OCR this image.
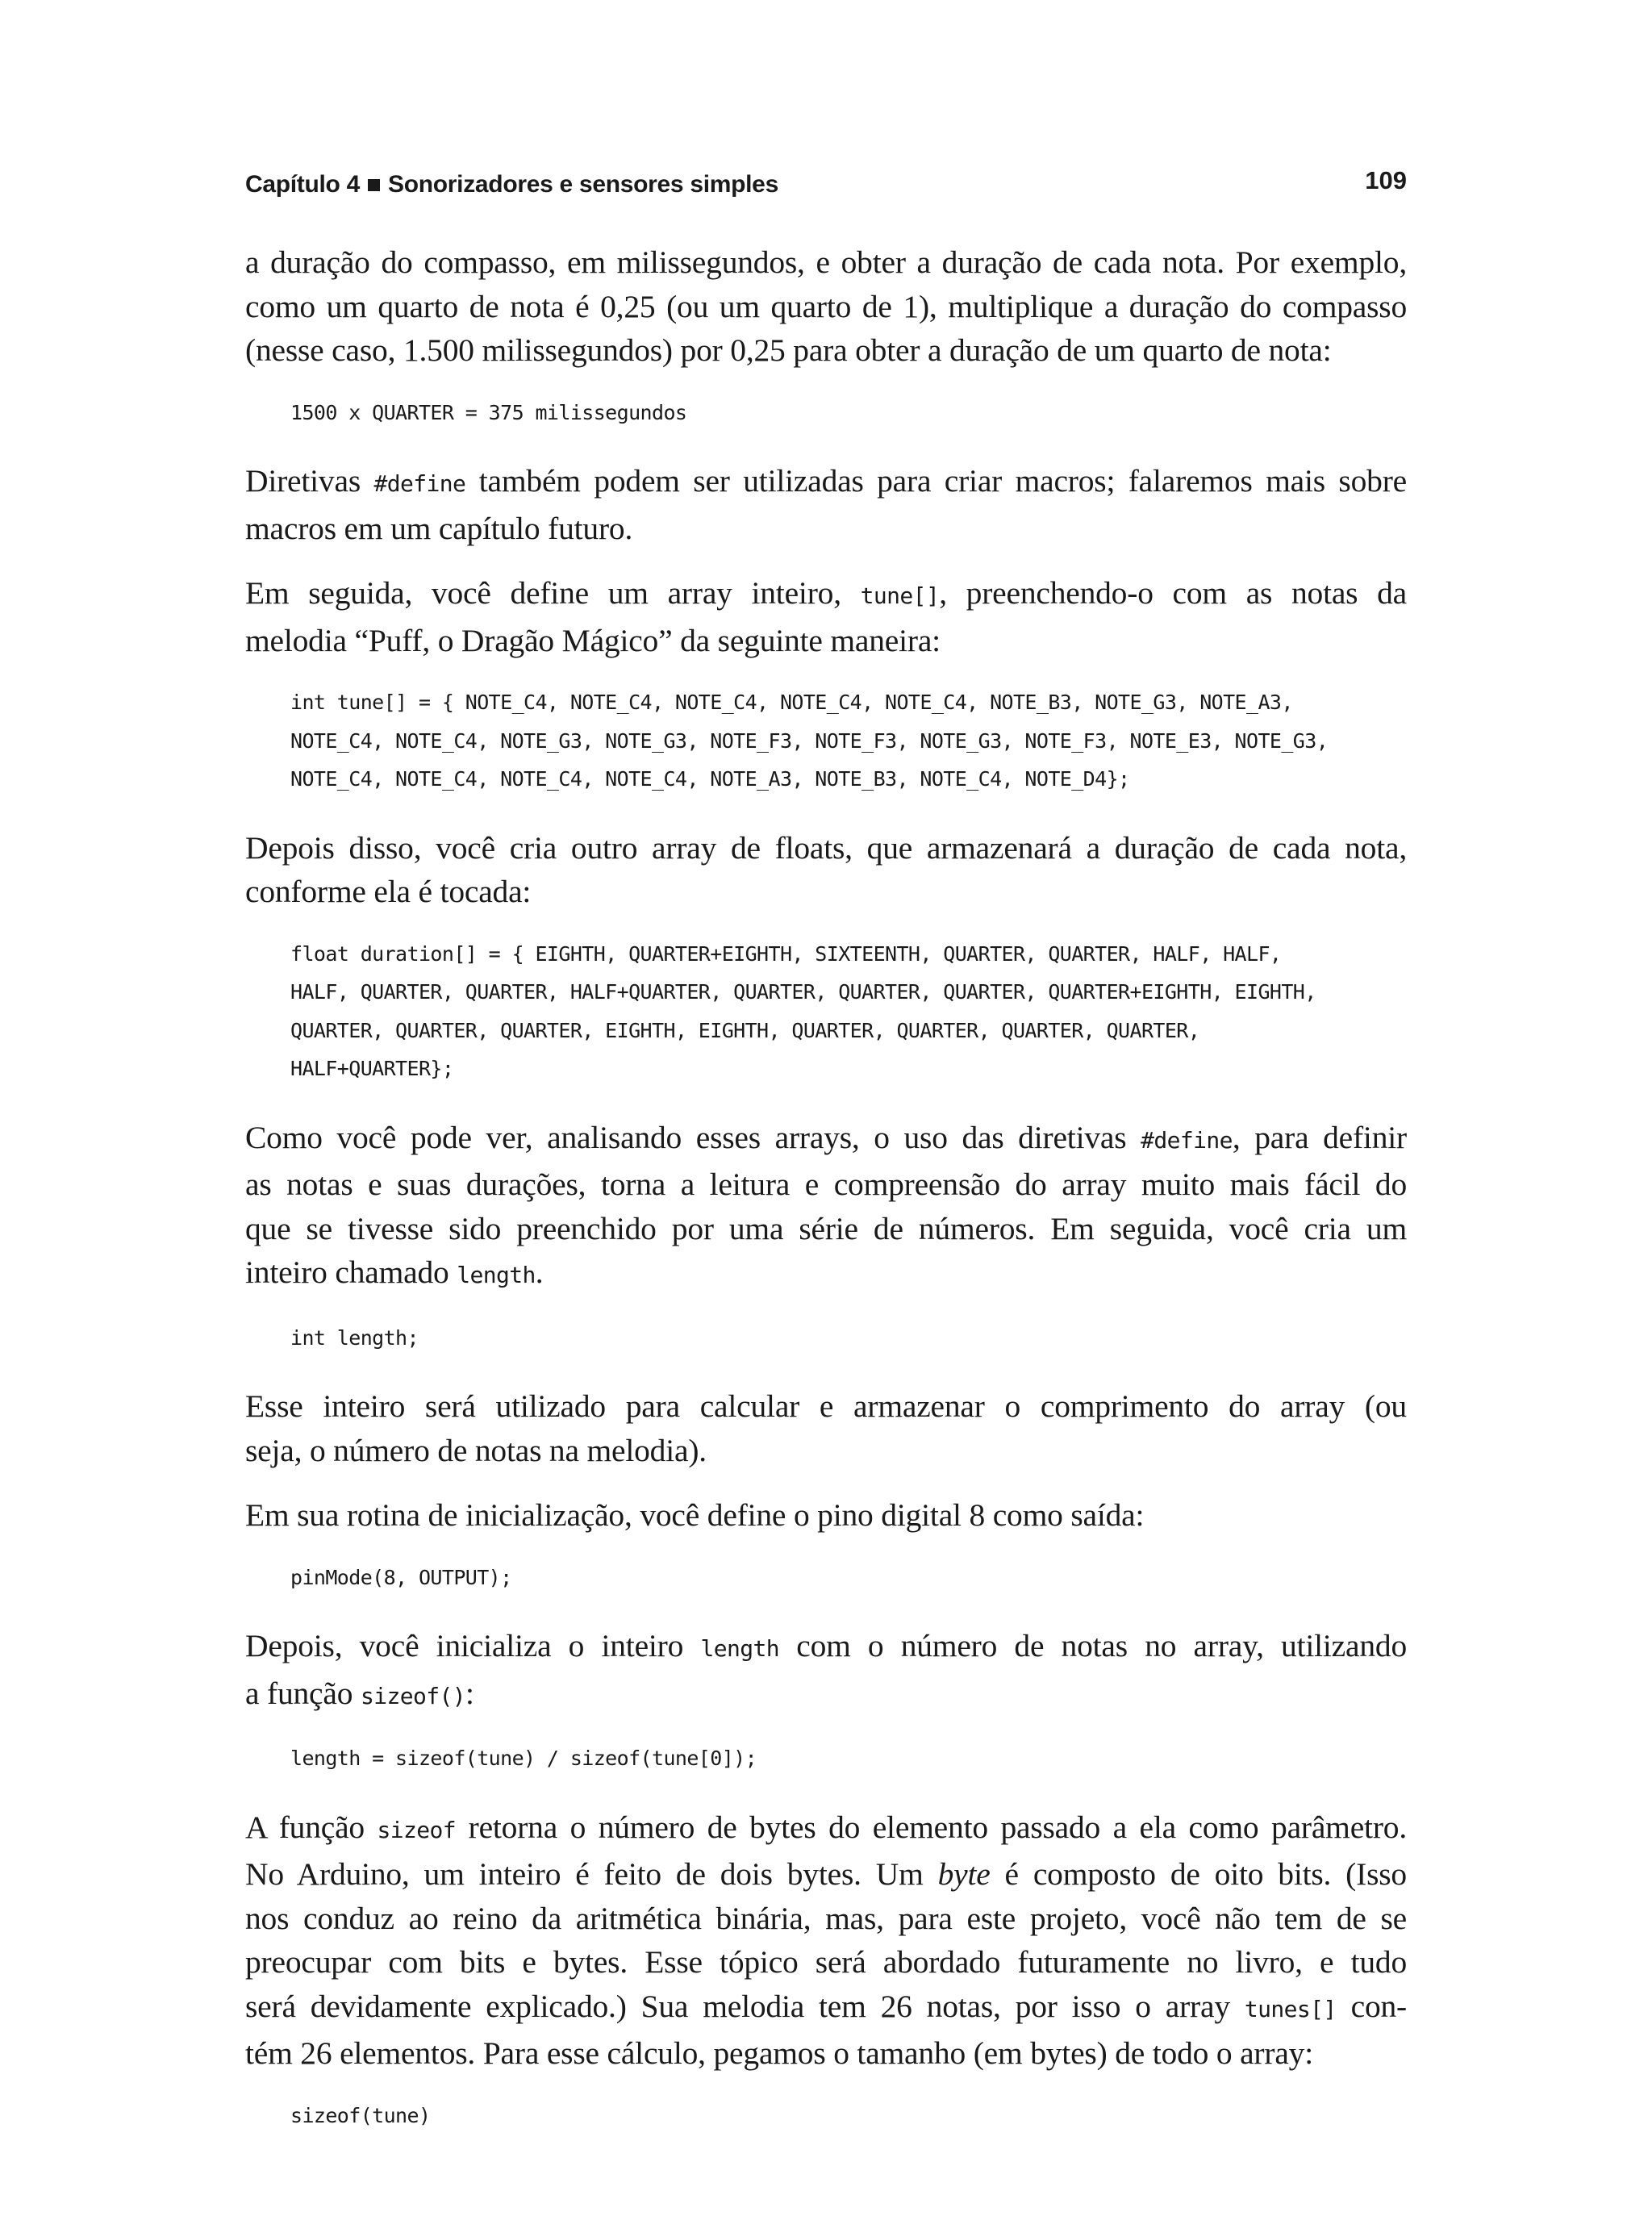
Capítulo 4 Sonorizadores e sensores simples	109

a duração do compasso, em milissegundos, e obter a duração de cada nota. Por exemplo,
como um quarto de nota é 0,25 (ou um quarto de 1), multiplique a duração do compasso
(nesse caso, 1.500 milissegundos) por 0,25 para obter a duração de um quarto de nota:

1500 x QUARTER = 375 milissegundos

Diretivas #define também podem ser utilizadas para criar macros; falaremos mais sobre
macros em um capítulo futuro.

Em seguida, você define um array inteiro, tune[], preenchendo-o com as notas da
melodia “Puff, o Dragão Mágico” da seguinte maneira:

int tune[] = { NOTE_C4, NOTE_C4, NOTE_C4, NOTE_C4, NOTE_C4, NOTE_B3, NOTE_G3, NOTE_A3,
NOTE_C4, NOTE_C4, NOTE_G3, NOTE_G3, NOTE_F3, NOTE_F3, NOTE_G3, NOTE_F3, NOTE_E3, NOTE_G3,
NOTE_C4, NOTE_C4, NOTE_C4, NOTE_C4, NOTE_A3, NOTE_B3, NOTE_C4, NOTE_D4};

Depois disso, você cria outro array de floats, que armazenará a duração de cada nota,
conforme ela é tocada:

float duration[] = { EIGHTH, QUARTER+EIGHTH, SIXTEENTH, QUARTER, QUARTER, HALF, HALF,
HALF, QUARTER, QUARTER, HALF+QUARTER, QUARTER, QUARTER, QUARTER, QUARTER+EIGHTH, EIGHTH,
QUARTER, QUARTER, QUARTER, EIGHTH, EIGHTH, QUARTER, QUARTER, QUARTER, QUARTER,
HALF+QUARTER};

Como você pode ver, analisando esses arrays, o uso das diretivas #define, para definir
as notas e suas durações, torna a leitura e compreensão do array muito mais fácil do
que se tivesse sido preenchido por uma série de números. Em seguida, você cria um
inteiro chamado length.

int length;

Esse inteiro será utilizado para calcular e armazenar o comprimento do array (ou
seja, o número de notas na melodia).

Em sua rotina de inicialização, você define o pino digital 8 como saída:

pinMode(8, OUTPUT);

Depois, você inicializa o inteiro length com o número de notas no array, utilizando
a função sizeof():

length = sizeof(tune) / sizeof(tune[0]);

A função sizeof retorna o número de bytes do elemento passado a ela como parâmetro.
No Arduino, um inteiro é feito de dois bytes. Um byte é composto de oito bits. (Isso
nos conduz ao reino da aritmética binária, mas, para este projeto, você não tem de se
preocupar com bits e bytes. Esse tópico será abordado futuramente no livro, e tudo
será devidamente explicado.) Sua melodia tem 26 notas, por isso o array tunes[] con-
tém 26 elementos. Para esse cálculo, pegamos o tamanho (em bytes) de todo o array:

sizeof(tune)
